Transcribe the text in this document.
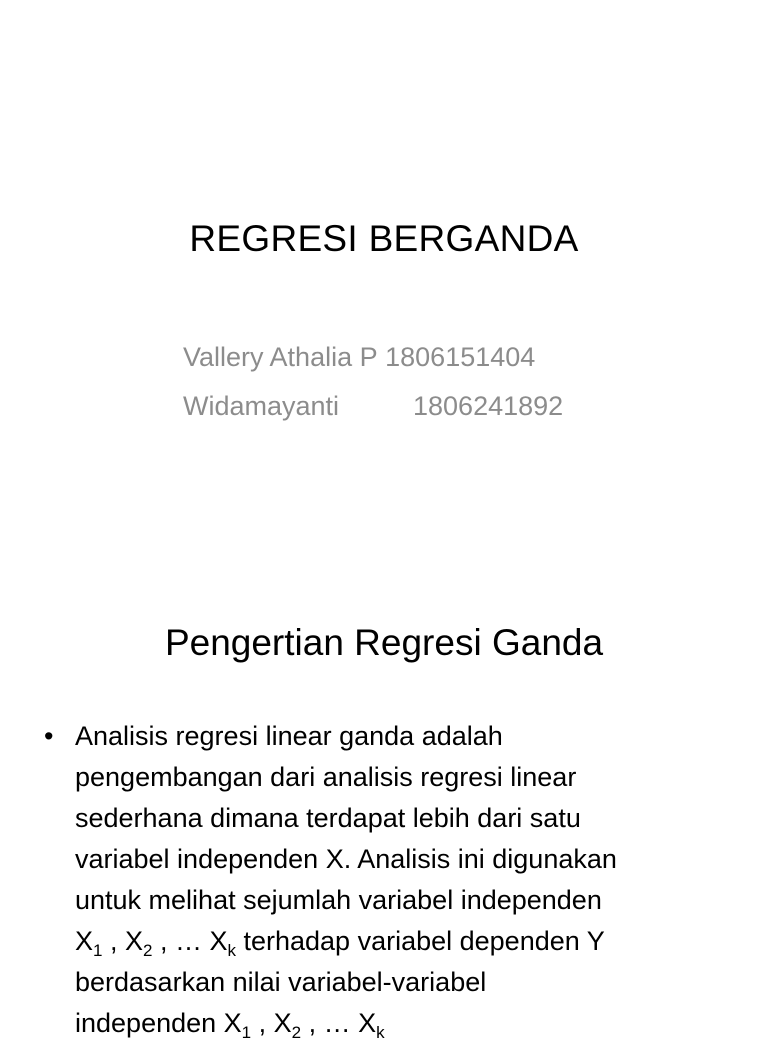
REGRESI BERGANDA
Vallery Athalia P
1806151404
Widamayanti	1806241892
Pengertian Regresi Ganda
• Analisis regresi linear ganda adalah
pengembangan dari analisis regresi linear
sederhana dimana terdapat lebih dari satu
variabel independen X. Analisis ini digunakan
untuk melihat sejumlah variabel independen
$X_1$ , $X_2$ , … $X_k$ terhadap variabel dependen Y
berdasarkan nilai variabel-variabel
independen $X_1$ , $X_2$ , … $X_k$
